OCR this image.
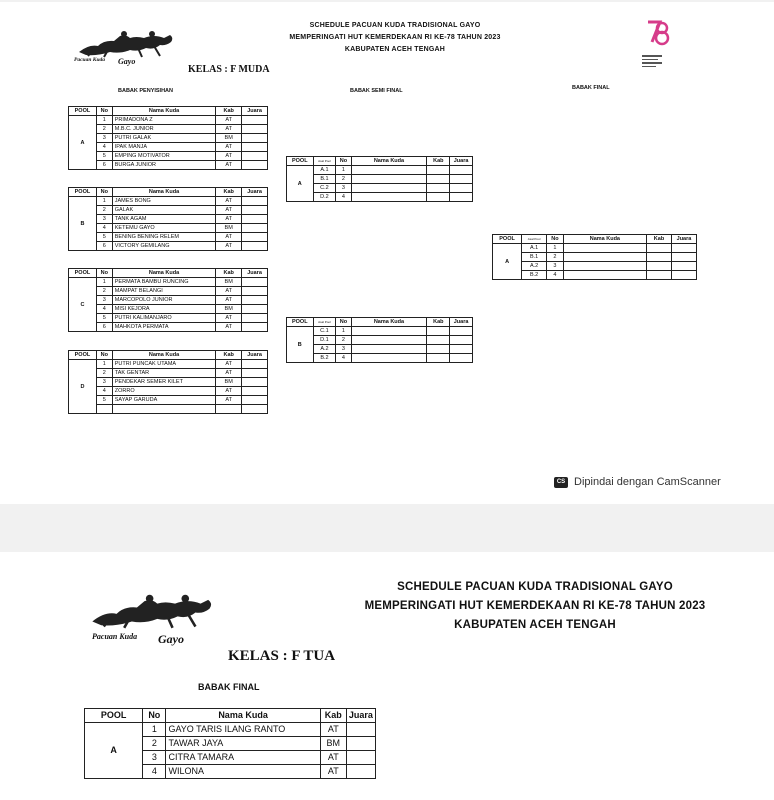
Pacuan Kuda Gayo
SCHEDULE PACUAN KUDA TRADISIONAL GAYO
MEMPERINGATI HUT KEMERDEKAAN RI KE-78 TAHUN 2023
KABUPATEN ACEH TENGAH
KELAS : F MUDA
BABAK PENYISIHAN	BABAK SEMI FINAL	BABAK FINAL
POOL	No	Nama Kuda	Kab	Juara
A	1	PRIMADONA Z	AT	
	2	M.B.C. JUNIOR	AT	
	3	PUTRI GALAK	BM	
	4	IPAK MANJA	AT	
	5	EMPING MOTIVATOR	AT	
	6	BURGA JUNIOR	AT	
POOL	No	Nama Kuda	Kab	Juara
B	1	JAMES BONG	AT	
	2	GALAK	AT	
	3	TANK AGAM	AT	
	4	KETEMU GAYO	BM	
	5	BENING BENING RELEM	AT	
	6	VICTORY GEMILANG	AT	
POOL	No	Nama Kuda	Kab	Juara
C	1	PERMATA BAMBU RUNCING	BM	
	2	MAMPAT BELANGI	AT	
	3	MARCOPOLO JUNIOR	AT	
	4	MISI KEJORA	BM	
	5	PUTRI KALIMANJARO	AT	
	6	MAHKOTA PERMATA	AT	
POOL	No	Nama Kuda	Kab	Juara
D	1	PUTRI PUNCAK UTAMA	AT	
	2	TAK GENTAR	AT	
	3	PENDEKAR SEMER KILET	BM	
	4	ZORRO	AT	
	5	SAYAP GARUDA	AT	

POOL	Asal Pool	No	Nama Kuda	Kab	Juara
A	A.1	1			
	B.1	2			
	C.2	3			
	D.2	4			
POOL	Asal Pool	No	Nama Kuda	Kab	Juara
B	C.1	1			
	D.1	2			
	A.2	3			
	B.2	4			
POOL	Asal Pool	No	Nama Kuda	Kab	Juara
A	A.1	1			
	B.1	2			
	A.2	3			
	B.2	4			
CS Dipindai dengan CamScanner
Pacuan Kuda Gayo
SCHEDULE PACUAN KUDA TRADISIONAL GAYO
MEMPERINGATI HUT KEMERDEKAAN RI KE-78 TAHUN 2023
KABUPATEN ACEH TENGAH
KELAS : F TUA
BABAK FINAL
POOL	No	Nama Kuda	Kab	Juara
A	1	GAYO TARIS ILANG RANTO	AT	
	2	TAWAR JAYA	BM	
	3	CITRA TAMARA	AT	
	4	WILONA	AT	
